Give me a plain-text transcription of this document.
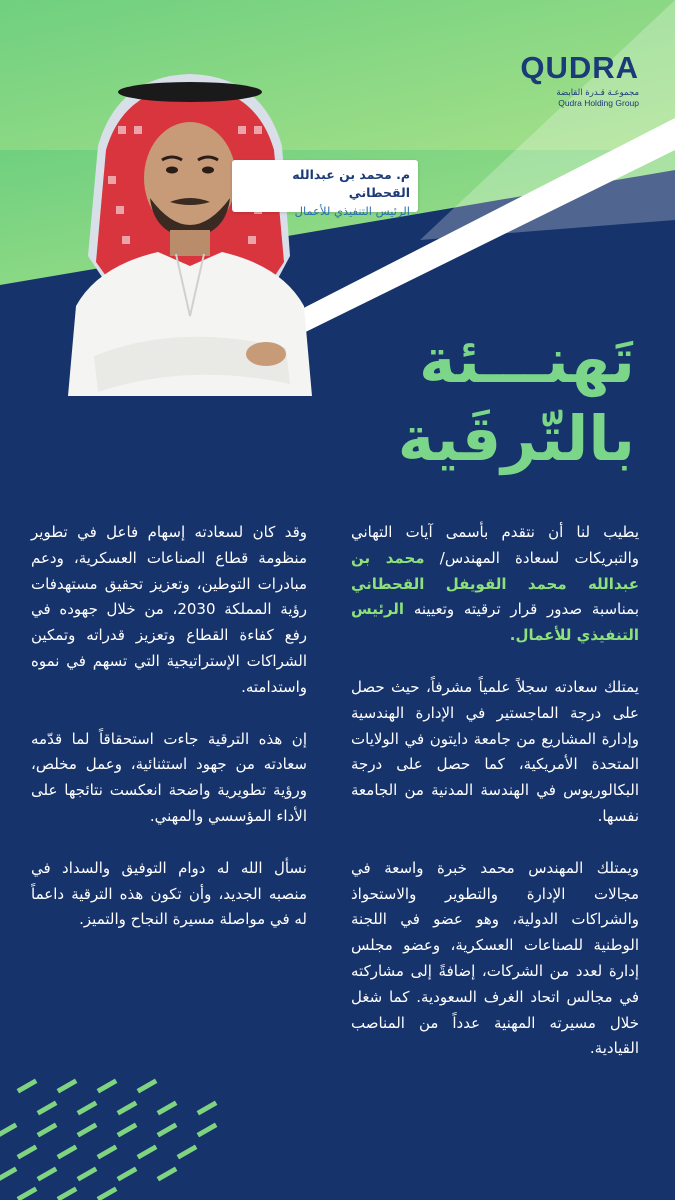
QUDRA
مجموعـة قـدرة القابضة
Qudra Holding Group
م. محمد بن عبدالله القحطاني
الرئيس التنفيذي للأعمال
تَهنـــئة
بالتّرقَية

يطيب لنا أن نتقدم بأسمى آيات التهاني والتبريكات لسعادة المهندس/ محمد بن عبدالله محمد القويفل القحطاني بمناسبة صدور قرار ترقيته وتعيينه الرئيس التنفيذي للأعمال.

يمتلك سعادته سجلاً علمياً مشرفاً، حيث حصل على درجة الماجستير في الإدارة الهندسية وإدارة المشاريع من جامعة دايتون في الولايات المتحدة الأمريكية، كما حصل على درجة البكالوريوس في الهندسة المدنية من الجامعة نفسها.

ويمتلك المهندس محمد خبرة واسعة في مجالات الإدارة والتطوير والاستحواذ والشراكات الدولية، وهو عضو في اللجنة الوطنية للصناعات العسكرية، وعضو مجلس إدارة لعدد من الشركات، إضافةً إلى مشاركته في مجالس اتحاد الغرف السعودية. كما شغل خلال مسيرته المهنية عدداً من المناصب القيادية.

وقد كان لسعادته إسهام فاعل في تطوير منظومة قطاع الصناعات العسكرية، ودعم مبادرات التوطين، وتعزيز تحقيق مستهدفات رؤية المملكة 2030، من خلال جهوده في رفع كفاءة القطاع وتعزيز قدراته وتمكين الشراكات الإستراتيجية التي تسهم في نموه واستدامته.

إن هذه الترقية جاءت استحقاقاً لما قدّمه سعادته من جهود استثنائية، وعمل مخلص، ورؤية تطويرية واضحة انعكست نتائجها على الأداء المؤسسي والمهني.

نسأل الله له دوام التوفيق والسداد في منصبه الجديد، وأن تكون هذه الترقية داعماً له في مواصلة مسيرة النجاح والتميز.
